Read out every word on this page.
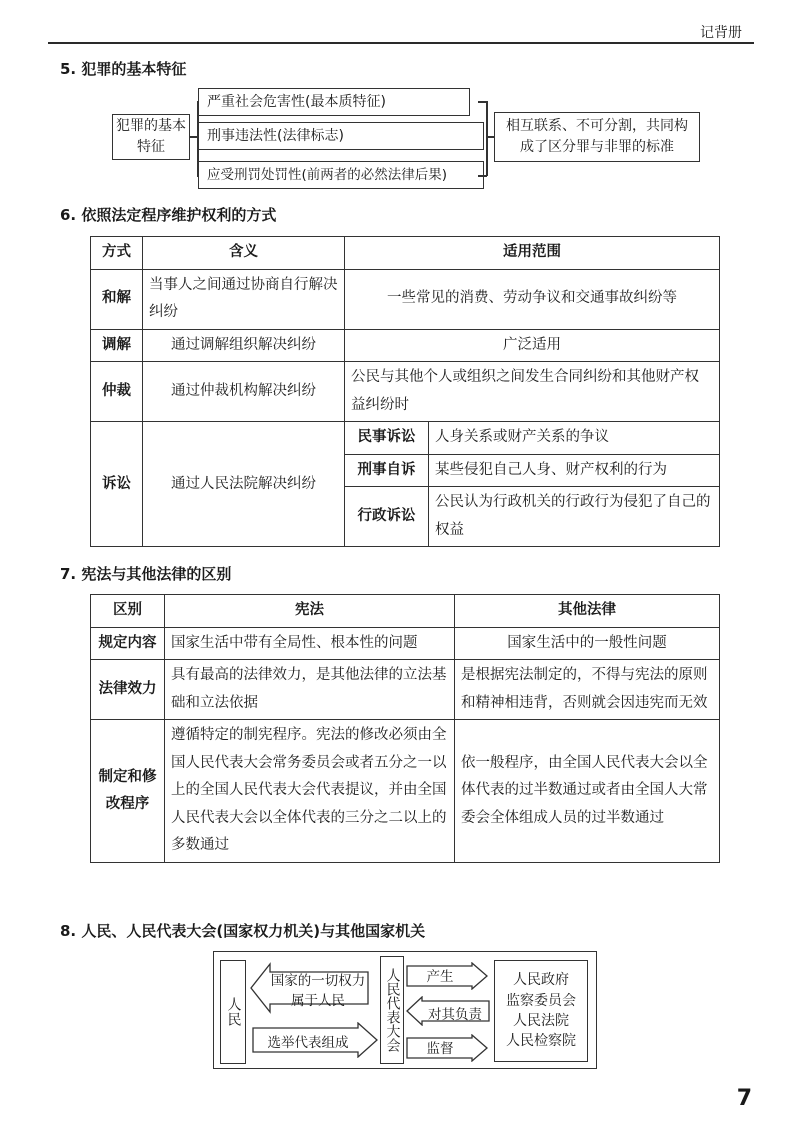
记背册
5. 犯罪的基本特征
犯罪的基本特征
严重社会危害性(最本质特征)
刑事违法性(法律标志)
应受刑罚处罚性(前两者的必然法律后果)
相互联系、不可分割，共同构成了区分罪与非罪的标准
6. 依照法定程序维护权利的方式
方式	含义	适用范围	
和解	当事人之间通过协商自行解决纠纷	一些常见的消费、劳动争议和交通事故纠纷等	
调解	通过调解组织解决纠纷	广泛适用	
仲裁	通过仲裁机构解决纠纷	公民与其他个人或组织之间发生合同纠纷和其他财产权益纠纷时	
诉讼	通过人民法院解决纠纷	民事诉讼	人身关系或财产关系的争议
		刑事自诉	某些侵犯自己人身、财产权利的行为
		行政诉讼	公民认为行政机关的行政行为侵犯了自己的权益
7. 宪法与其他法律的区别
区别	宪法	其他法律
规定内容	国家生活中带有全局性、根本性的问题	国家生活中的一般性问题
法律效力	具有最高的法律效力，是其他法律的立法基础和立法依据	是根据宪法制定的，不得与宪法的原则和精神相违背，否则就会因违宪而无效
制定和修改程序	遵循特定的制宪程序。宪法的修改必须由全国人民代表大会常务委员会或者五分之一以上的全国人民代表大会代表提议，并由全国人民代表大会以全体代表的三分之二以上的多数通过	依一般程序，由全国人民代表大会以全体代表的过半数通过或者由全国人大常委会全体组成人员的过半数通过
8. 人民、人民代表大会(国家权力机关)与其他国家机关
人民
国家的一切权力属于人民
选举代表组成	人民代表大会	产生
对其负责
监督
人民政府
监察委员会
人民法院
人民检察院
7
